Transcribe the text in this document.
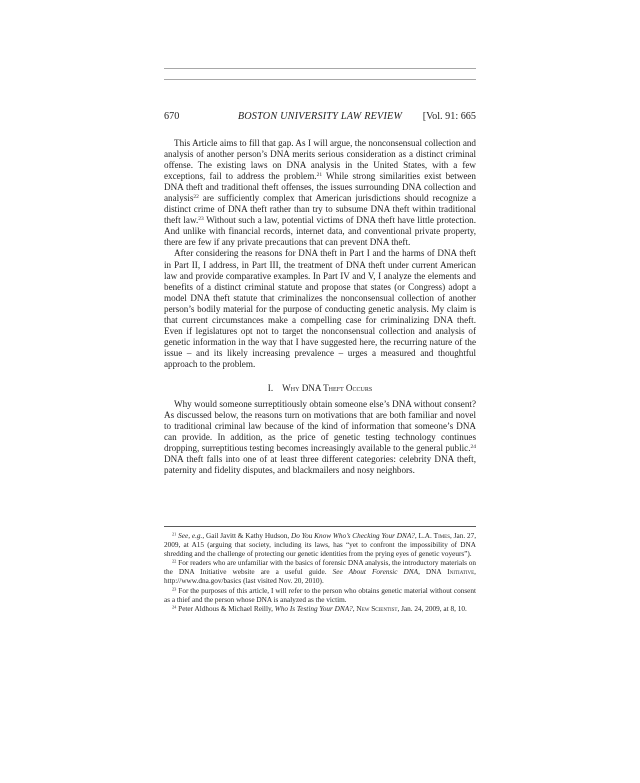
670	BOSTON UNIVERSITY LAW REVIEW	[Vol. 91: 665

This Article aims to fill that gap. As I will argue, the nonconsensual collection and analysis of another person’s DNA merits serious consideration as a distinct criminal offense. The existing laws on DNA analysis in the United States, with a few exceptions, fail to address the problem.$^{21}$ While strong similarities exist between DNA theft and traditional theft offenses, the issues surrounding DNA collection and analysis$^{22}$ are sufficiently complex that American jurisdictions should recognize a distinct crime of DNA theft rather than try to subsume DNA theft within traditional theft law.$^{23}$ Without such a law, potential victims of DNA theft have little protection. And unlike with financial records, internet data, and conventional private property, there are few if any private precautions that can prevent DNA theft.

After considering the reasons for DNA theft in Part I and the harms of DNA theft in Part II, I address, in Part III, the treatment of DNA theft under current American law and provide comparative examples. In Part IV and V, I analyze the elements and benefits of a distinct criminal statute and propose that states (or Congress) adopt a model DNA theft statute that criminalizes the nonconsensual collection of another person’s bodily material for the purpose of conducting genetic analysis. My claim is that current circumstances make a compelling case for criminalizing DNA theft. Even if legislatures opt not to target the nonconsensual collection and analysis of genetic information in the way that I have suggested here, the recurring nature of the issue – and its likely increasing prevalence – urges a measured and thoughtful approach to the problem.

I. Why DNA Theft Occurs

Why would someone surreptitiously obtain someone else’s DNA without consent? As discussed below, the reasons turn on motivations that are both familiar and novel to traditional criminal law because of the kind of information that someone’s DNA can provide. In addition, as the price of genetic testing technology continues dropping, surreptitious testing becomes increasingly available to the general public.$^{24}$ DNA theft falls into one of at least three different categories: celebrity DNA theft, paternity and fidelity disputes, and blackmailers and nosy neighbors.

$^{21}$ See, e.g., Gail Javitt & Kathy Hudson, Do You Know Who’s Checking Your DNA?, L.A. Times, Jan. 27, 2009, at A15 (arguing that society, including its laws, has “yet to confront the impossibility of DNA shredding and the challenge of protecting our genetic identities from the prying eyes of genetic voyeurs”).

$^{22}$ For readers who are unfamiliar with the basics of forensic DNA analysis, the introductory materials on the DNA Initiative website are a useful guide. See About Forensic DNA, DNA Initiative, http://www.dna.gov/basics (last visited Nov. 20, 2010).

$^{23}$ For the purposes of this article, I will refer to the person who obtains genetic material without consent as a thief and the person whose DNA is analyzed as the victim.

$^{24}$ Peter Aldhous & Michael Reilly, Who Is Testing Your DNA?, New Scientist, Jan. 24, 2009, at 8, 10.
